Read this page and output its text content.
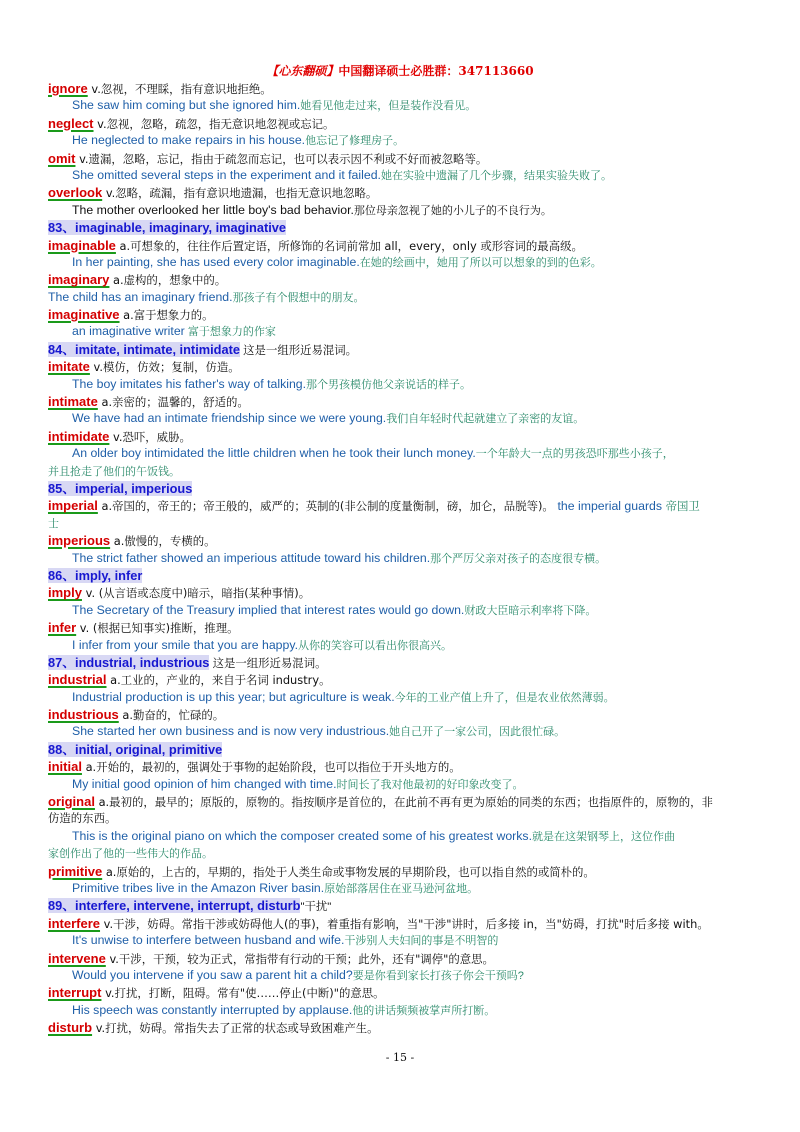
【心东翻硕】中国翻译硕士必胜群：347113660
ignore v.忽视，不理睬，指有意识地拒绝。
She saw him coming but she ignored him.她看见他走过来，但是装作没看见。
neglect v.忽视，忽略，疏忽，指无意识地忽视或忘记。
He neglected to make repairs in his house.他忘记了修理房子。
omit v.遗漏，忽略，忘记，指由于疏忽而忘记，也可以表示因不利或不好而被忽略等。
She omitted several steps in the experiment and it failed.她在实验中遗漏了几个步骤，结果实验失败了。
overlook v.忽略，疏漏，指有意识地遗漏，也指无意识地忽略。
The mother overlooked her little boy's bad behavior.那位母亲忽视了她的小儿子的不良行为。
83、imaginable, imaginary, imaginative
imaginable a.可想象的，往往作后置定语，所修饰的名词前常加 all，every，only 或形容词的最高级。
In her painting, she has used every color imaginable.在她的绘画中，她用了所以可以想象的到的色彩。
imaginary a.虚构的，想象中的。
The child has an imaginary friend.那孩子有个假想中的朋友。
imaginative a.富于想象力的。
an imaginative writer 富于想象力的作家
84、imitate, intimate, intimidate 这是一组形近易混词。
imitate v.模仿，仿效；复制，仿造。
The boy imitates his father's way of talking.那个男孩模仿他父亲说话的样子。
intimate a.亲密的；温馨的，舒适的。
We have had an intimate friendship since we were young.我们自年轻时代起就建立了亲密的友谊。
intimidate v.恐吓，威胁。
An older boy intimidated the little children when he took their lunch money.一个年龄大一点的男孩恐吓那些小孩子，
并且抢走了他们的午饭钱。
85、imperial, imperious
imperial a.帝国的，帝王的；帝王般的，威严的；英制的(非公制的度量衡制，磅，加仑，品脱等)。 the imperial guards 帝国卫
士
imperious a.傲慢的，专横的。
The strict father showed an imperious attitude toward his children.那个严厉父亲对孩子的态度很专横。
86、imply, infer
imply v. (从言语或态度中)暗示，暗指(某种事情)。
The Secretary of the Treasury implied that interest rates would go down.财政大臣暗示利率将下降。
infer v. (根据已知事实)推断，推理。
I infer from your smile that you are happy.从你的笑容可以看出你很高兴。
87、industrial, industrious 这是一组形近易混词。
industrial a.工业的，产业的，来自于名词 industry。
Industrial production is up this year; but agriculture is weak.今年的工业产值上升了，但是农业依然薄弱。
industrious a.勤奋的，忙碌的。
She started her own business and is now very industrious.她自己开了一家公司，因此很忙碌。
88、initial, original, primitive
initial a.开始的，最初的，强调处于事物的起始阶段，也可以指位于开头地方的。
My initial good opinion of him changed with time.时间长了我对他最初的好印象改变了。
original a.最初的，最早的；原版的，原物的。指按顺序是首位的，在此前不再有更为原始的同类的东西；也指原件的，原物的，非
仿造的东西。
This is the original piano on which the composer created some of his greatest works.就是在这架钢琴上，这位作曲
家创作出了他的一些伟大的作品。
primitive a.原始的，上古的，早期的，指处于人类生命或事物发展的早期阶段，也可以指自然的或简朴的。
Primitive tribes live in the Amazon River basin.原始部落居住在亚马逊河盆地。
89、interfere, intervene, interrupt, disturb"干扰"
interfere v.干涉，妨碍。常指干涉或妨碍他人(的事)，着重指有影响，当"干涉"讲时，后多接 in，当"妨碍，打扰"时后多接 with。
It's unwise to interfere between husband and wife.干涉别人夫妇间的事是不明智的
intervene v.干涉，干预，较为正式，常指带有行动的干预；此外，还有"调停"的意思。
Would you intervene if you saw a parent hit a child?要是你看到家长打孩子你会干预吗?
interrupt v.打扰，打断，阻碍。常有"使……停止(中断)"的意思。
His speech was constantly interrupted by applause.他的讲话频频被掌声所打断。
disturb v.打扰，妨碍。常指失去了正常的状态或导致困难产生。
- 15 -
